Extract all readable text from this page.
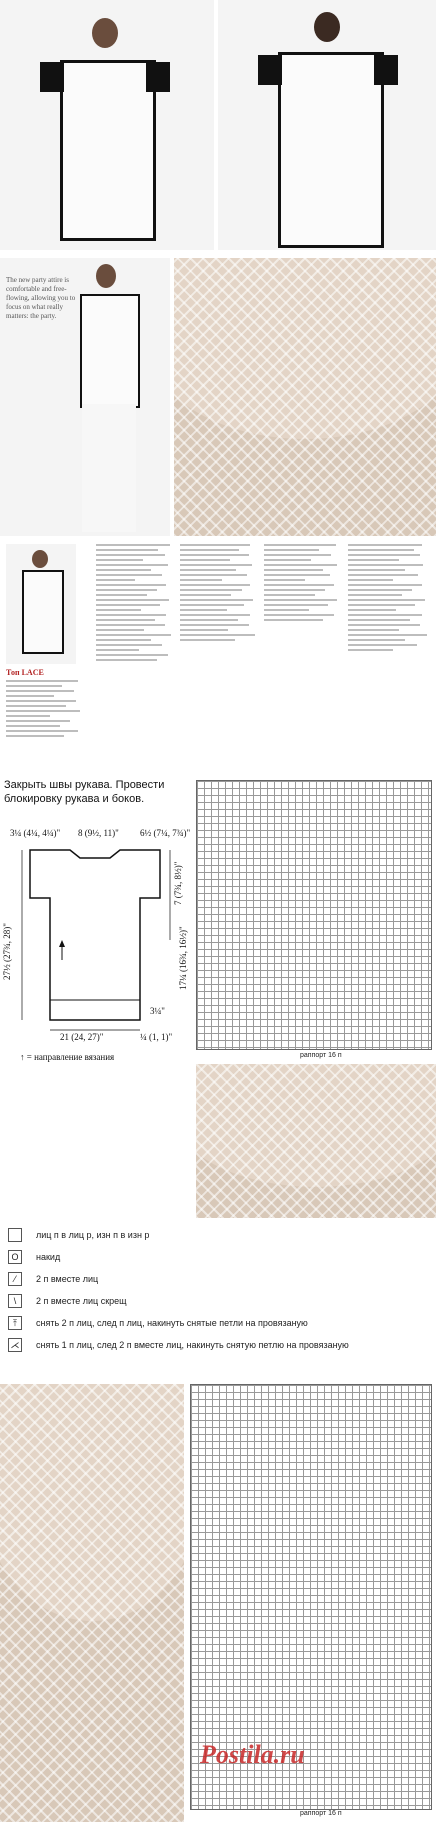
The new party attire is comfortable and free-flowing, allowing you to focus on what really matters: the party.
Топ LACE
Закрыть швы рукава. Провести блокировку рукава и боков.
3¼ (4¼, 4¼)" 8 (9½, 11)" 6½ (7¼, 7¾)"
27½ (27¾, 28)"	17¼ (16¾, 16½)"
7 (7¾, 8½)"
3¼"
21 (24, 27)"	¼ (1, 1)"
↑ = направление вязания	раппорт 16 п
лиц п в лиц р, изн п в изн р
O	накид
⁄	2 п вместе лиц
\	2 п вместе лиц скрещ
⤒	снять 2 п лиц, след п лиц, накинуть снятые петли на провязаную
⋌ снять 1 п лиц, след 2 п вместе лиц, накинуть снятую петлю на провязаную
раппорт 16 п
Postila.ru
